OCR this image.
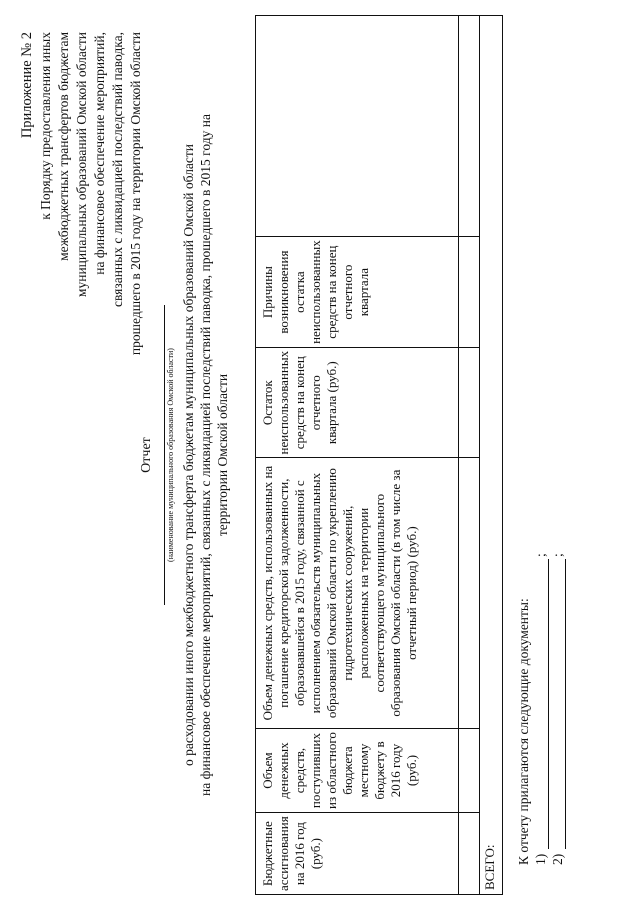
Приложение № 2 к Порядку предоставления иных межбюджетных трансфертов бюджетам муниципальных образований Омской области на финансовое обеспечение мероприятий, связанных с ликвидацией последствий паводка, прошедшего в 2015 году на территории Омской области
Отчет (наименование муниципального образования Омской области) о расходовании иного межбюджетного трансферта бюджетам муниципальных образований Омской области на финансовое обеспечение мероприятий, связанных с ликвидацией последствий паводка, прошедшего в 2015 году на территории Омской области
Бюджетные ассигнования на 2016 год (руб.)	Объем денежных средств, поступивших из областного бюджета местному бюджету в 2016 году (руб.)	Объем денежных средств, использованных на погашение кредиторской задолженности, образовавшейся в 2015 году, связанной с исполнением обязательств муниципальных образований Омской области по укреплению гидротехнических сооружений, расположенных на территории соответствующего муниципального образования Омской области (в том числе за отчетный период) (руб.)	Остаток неиспользованных средств на конец отчетного квартала (руб.)	Причины возникновения остатка неиспользованных средств на конец отчетного квартала	

ВСЕГО:					
К отчету прилагаются следующие документы: 1)
;
2)
;
